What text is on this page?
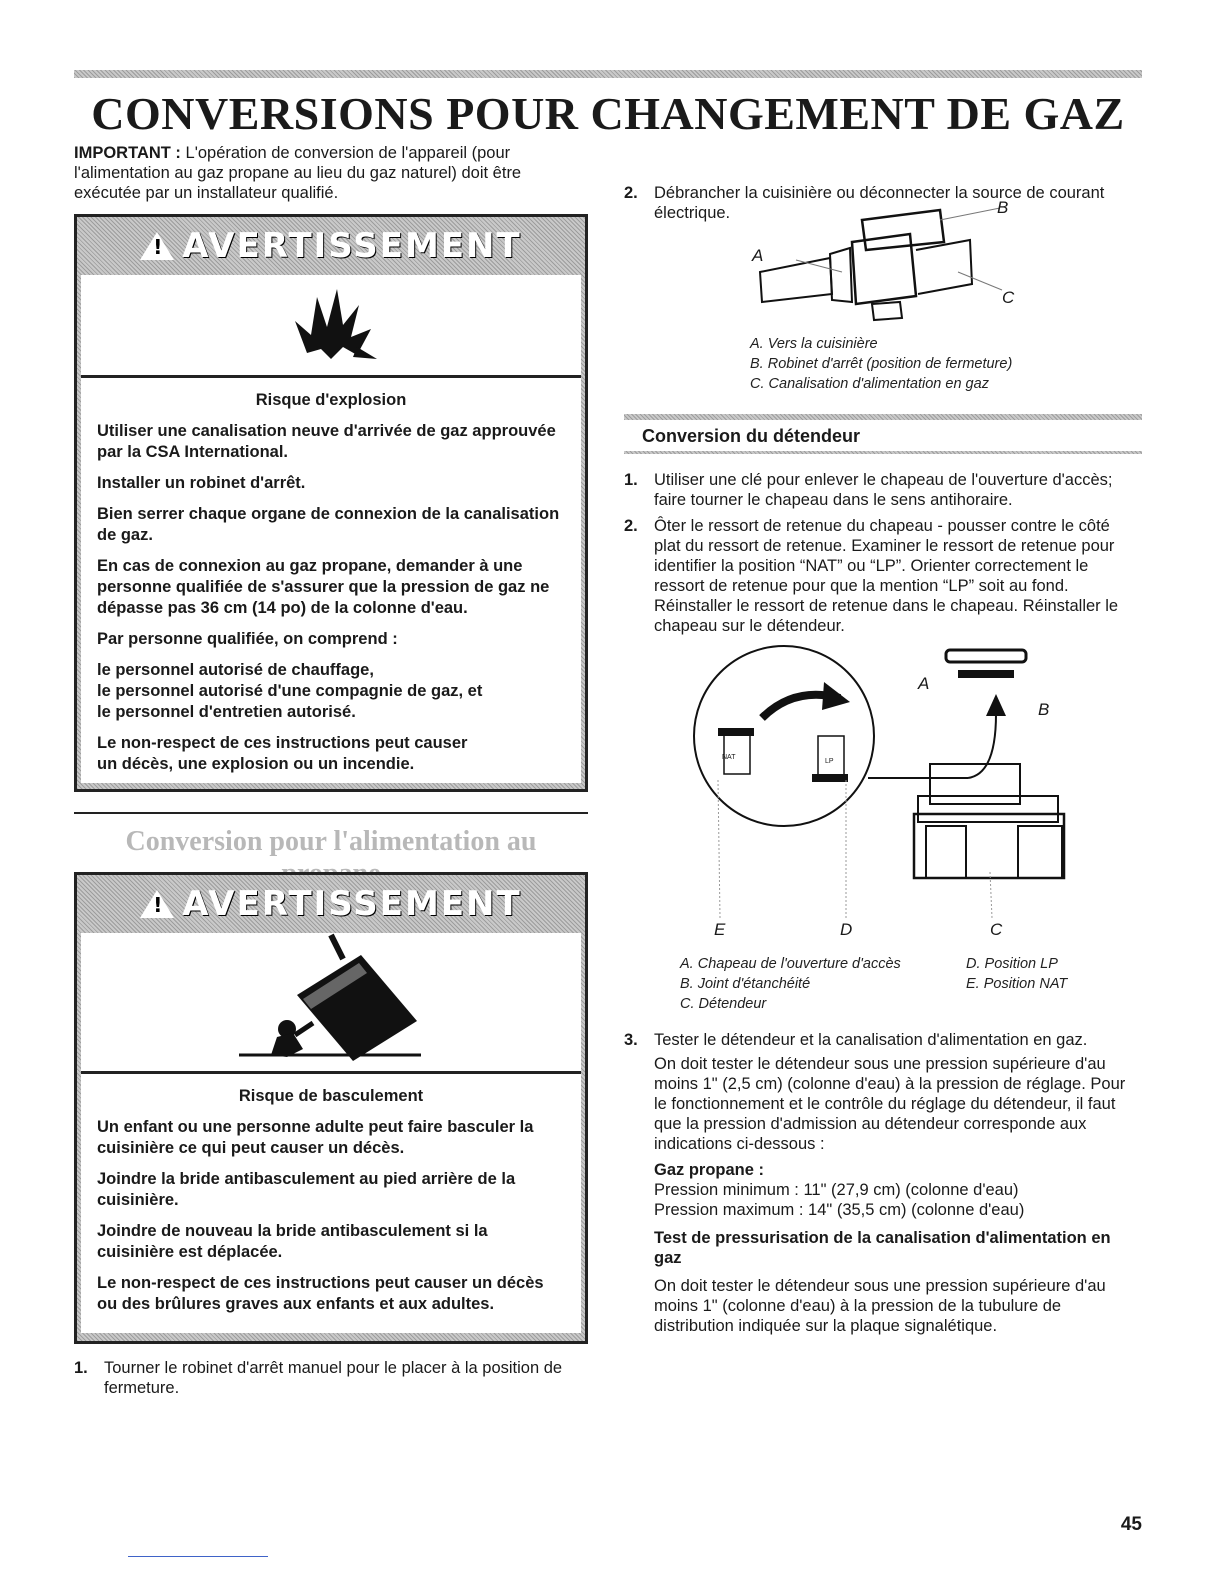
CONVERSIONS POUR CHANGEMENT DE GAZ

IMPORTANT : L'opération de conversion de l'appareil (pour l'alimentation au gaz propane au lieu du gaz naturel) doit être exécutée par un installateur qualifié.

! AVERTISSEMENT

Risque d'explosion

Utiliser une canalisation neuve d'arrivée de gaz approuvée par la CSA International.

Installer un robinet d'arrêt.

Bien serrer chaque organe de connexion de la canalisation de gaz.

En cas de connexion au gaz propane, demander à une personne qualifiée de s'assurer que la pression de gaz ne dépasse pas 36 cm (14 po) de la colonne d'eau.

Par personne qualifiée, on comprend :

le personnel autorisé de chauffage,

le personnel autorisé d'une compagnie de gaz, et

le personnel d'entretien autorisé.

Le non-respect de ces instructions peut causer

un décès, une explosion ou un incendie.

Conversion pour l'alimentation au
! AVERTISSEMENT

Risque de basculement

Un enfant ou une personne adulte peut faire basculer la cuisinière ce qui peut causer un décès.

Joindre la bride antibasculement au pied arrière de la cuisinière.

Joindre de nouveau la bride antibasculement si la cuisinière est déplacée.

Le non-respect de ces instructions peut causer un décès ou des brûlures graves aux enfants et aux adultes.

1. Tourner le robinet d'arrêt manuel pour le placer à la position de fermeture.
2. Débrancher la cuisinière ou déconnecter la source de courant électrique.	B
A
C

A. Vers la cuisinière

B. Robinet d'arrêt (position de fermeture)

C. Canalisation d'alimentation en gaz

Conversion du détendeur
1. Utiliser une clé pour enlever le chapeau de l'ouverture d'accès; faire tourner le chapeau dans le sens antihoraire.
2. Ôter le ressort de retenue du chapeau - pousser contre le côté plat du ressort de retenue. Examiner le ressort de retenue pour identifier la position “NAT” ou “LP”. Orienter correctement le ressort de retenue pour que la mention “LP” soit au fond. Réinstaller le ressort de retenue dans le chapeau. Réinstaller le chapeau sur le détendeur.
NAT
LP
A
B
C
D
E

A. Chapeau de l'ouverture d'accès

B. Joint d'étanchéité

C. Détendeur

D. Position LP

E. Position NAT

3. Tester le détendeur et la canalisation d'alimentation en gaz.

On doit tester le détendeur sous une pression supérieure d'au moins 1" (2,5 cm) (colonne d'eau) à la pression de réglage. Pour le fonctionnement et le contrôle du réglage du détendeur, il faut que la pression d'admission au détendeur corresponde aux indications ci-dessous :

Gaz propane :

Pression minimum : 11" (27,9 cm) (colonne d'eau)

Pression maximum : 14" (35,5 cm) (colonne d'eau)

Test de pressurisation de la canalisation d'alimentation en gaz

On doit tester le détendeur sous une pression supérieure d'au moins 1" (colonne d'eau) à la pression de la tubulure de distribution indiquée sur la plaque signalétique.

45
